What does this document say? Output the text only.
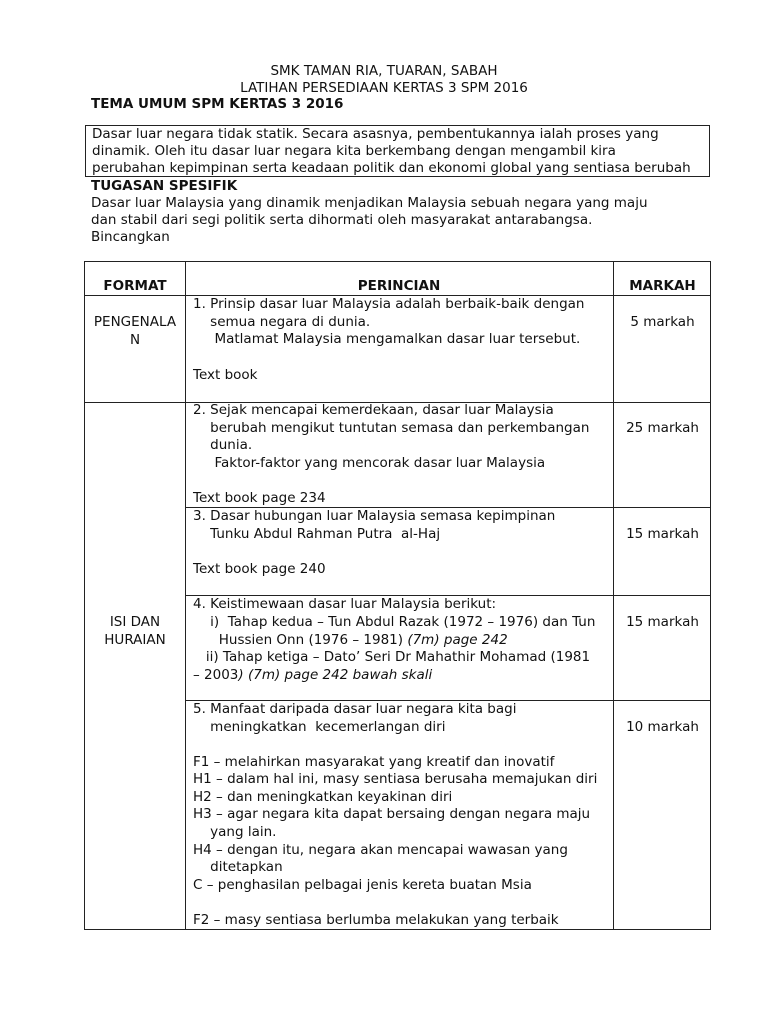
SMK TAMAN RIA, TUARAN, SABAH
LATIHAN PERSEDIAAN KERTAS 3 SPM 2016
TEMA UMUM SPM KERTAS 3 2016
Dasar luar negara tidak statik. Secara asasnya, pembentukannya ialah proses yang
dinamik. Oleh itu dasar luar negara kita berkembang dengan mengambil kira
perubahan kepimpinan serta keadaan politik dan ekonomi global yang sentiasa berubah
TUGASAN SPESIFIK
Dasar luar Malaysia yang dinamik menjadikan Malaysia sebuah negara yang maju
dan stabil dari segi politik serta dihormati oleh masyarakat antarabangsa.
Bincangkan
FORMAT	PERINCIAN	MARKAH
PENGENALA
N
ISI DAN
HURAIAN
1. Prinsip dasar luar Malaysia adalah berbaik-baik dengan
semua negara di dunia.
Matlamat Malaysia mengamalkan dasar luar tersebut.
Text book
5 markah
2. Sejak mencapai kemerdekaan, dasar luar Malaysia
berubah mengikut tuntutan semasa dan perkembangan
dunia.
Faktor-faktor yang mencorak dasar luar Malaysia
Text book page 234
25 markah
3. Dasar hubungan luar Malaysia semasa kepimpinan
Tunku Abdul Rahman Putra  al-Haj
Text book page 240
15 markah
4. Keistimewaan dasar luar Malaysia berikut:
i)  Tahap kedua – Tun Abdul Razak (1972 – 1976) dan Tun
Hussien Onn (1976 – 1981) (7m) page 242
ii) Tahap ketiga – Dato’ Seri Dr Mahathir Mohamad (1981
– 2003) (7m) page 242 bawah skali
15 markah
5. Manfaat daripada dasar luar negara kita bagi
meningkatkan  kecemerlangan diri
F1 – melahirkan masyarakat yang kreatif dan inovatif
H1 – dalam hal ini, masy sentiasa berusaha memajukan diri
H2 – dan meningkatkan keyakinan diri
H3 – agar negara kita dapat bersaing dengan negara maju
yang lain.
H4 – dengan itu, negara akan mencapai wawasan yang
ditetapkan
C – penghasilan pelbagai jenis kereta buatan Msia
F2 – masy sentiasa berlumba melakukan yang terbaik
10 markah
